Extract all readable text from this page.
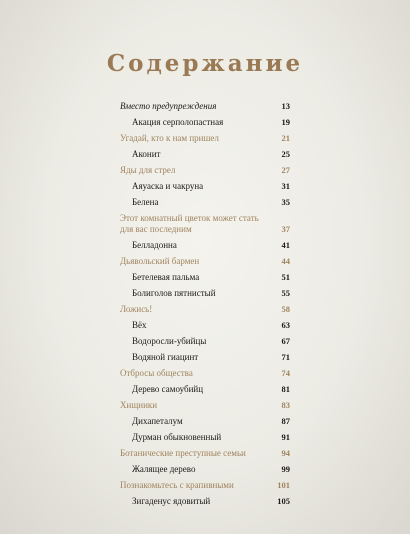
Содержание
Вместо предупреждения	13
Акация серполопастная	19
Угадай, кто к нам пришел	21
Аконит	25
Яды для стрел	27
Аяуаска и чакруна	31
Белена	35
Этот комнатный цветок может стать для вас последним	37
Белладонна	41
Дьявольский бармен	44
Бетелевая пальма	51
Болиголов пятнистый	55
Ложись!	58
Вёх	63
Водоросли-убийцы	67
Водяной гиацинт	71
Отбросы общества	74
Дерево самоубийц	81
Хищники	83
Дихапеталум	87
Дурман обыкновенный	91
Ботанические преступные семьи	94
Жалящее дерево	99
Познакомьтесь с крапивными	101
Зигаденус ядовитый	105
